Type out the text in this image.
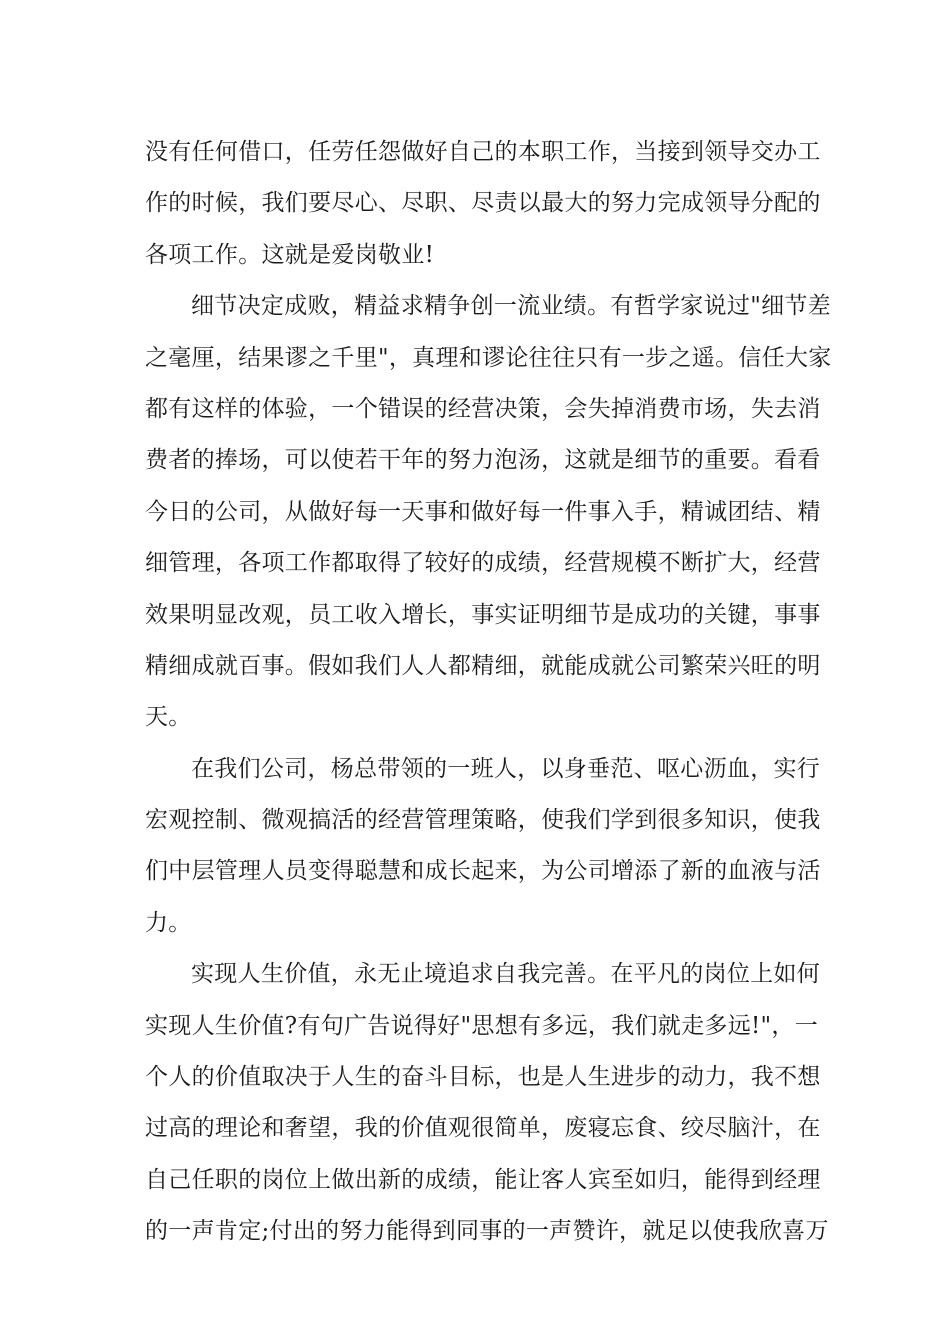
没有任何借口，任劳任怨做好自己的本职工作，当接到领导交办工
作的时候，我们要尽心、尽职、尽责以最大的努力完成领导分配的
各项工作。这就是爱岗敬业!
细节决定成败，精益求精争创一流业绩。有哲学家说过"细节差
之毫厘，结果谬之千里"，真理和谬论往往只有一步之遥。信任大家
都有这样的体验，一个错误的经营决策，会失掉消费市场，失去消
费者的捧场，可以使若干年的努力泡汤，这就是细节的重要。看看
今日的公司，从做好每一天事和做好每一件事入手，精诚团结、精
细管理，各项工作都取得了较好的成绩，经营规模不断扩大，经营
效果明显改观，员工收入增长，事实证明细节是成功的关键，事事
精细成就百事。假如我们人人都精细，就能成就公司繁荣兴旺的明
天。
在我们公司，杨总带领的一班人，以身垂范、呕心沥血，实行
宏观控制、微观搞活的经营管理策略，使我们学到很多知识，使我
们中层管理人员变得聪慧和成长起来，为公司增添了新的血液与活
力。
实现人生价值，永无止境追求自我完善。在平凡的岗位上如何
实现人生价值?有句广告说得好"思想有多远，我们就走多远!"，一
个人的价值取决于人生的奋斗目标，也是人生进步的动力，我不想
过高的理论和奢望，我的价值观很简单，废寝忘食、绞尽脑汁，在
自己任职的岗位上做出新的成绩，能让客人宾至如归，能得到经理
的一声肯定;付出的努力能得到同事的一声赞许，就足以使我欣喜万
